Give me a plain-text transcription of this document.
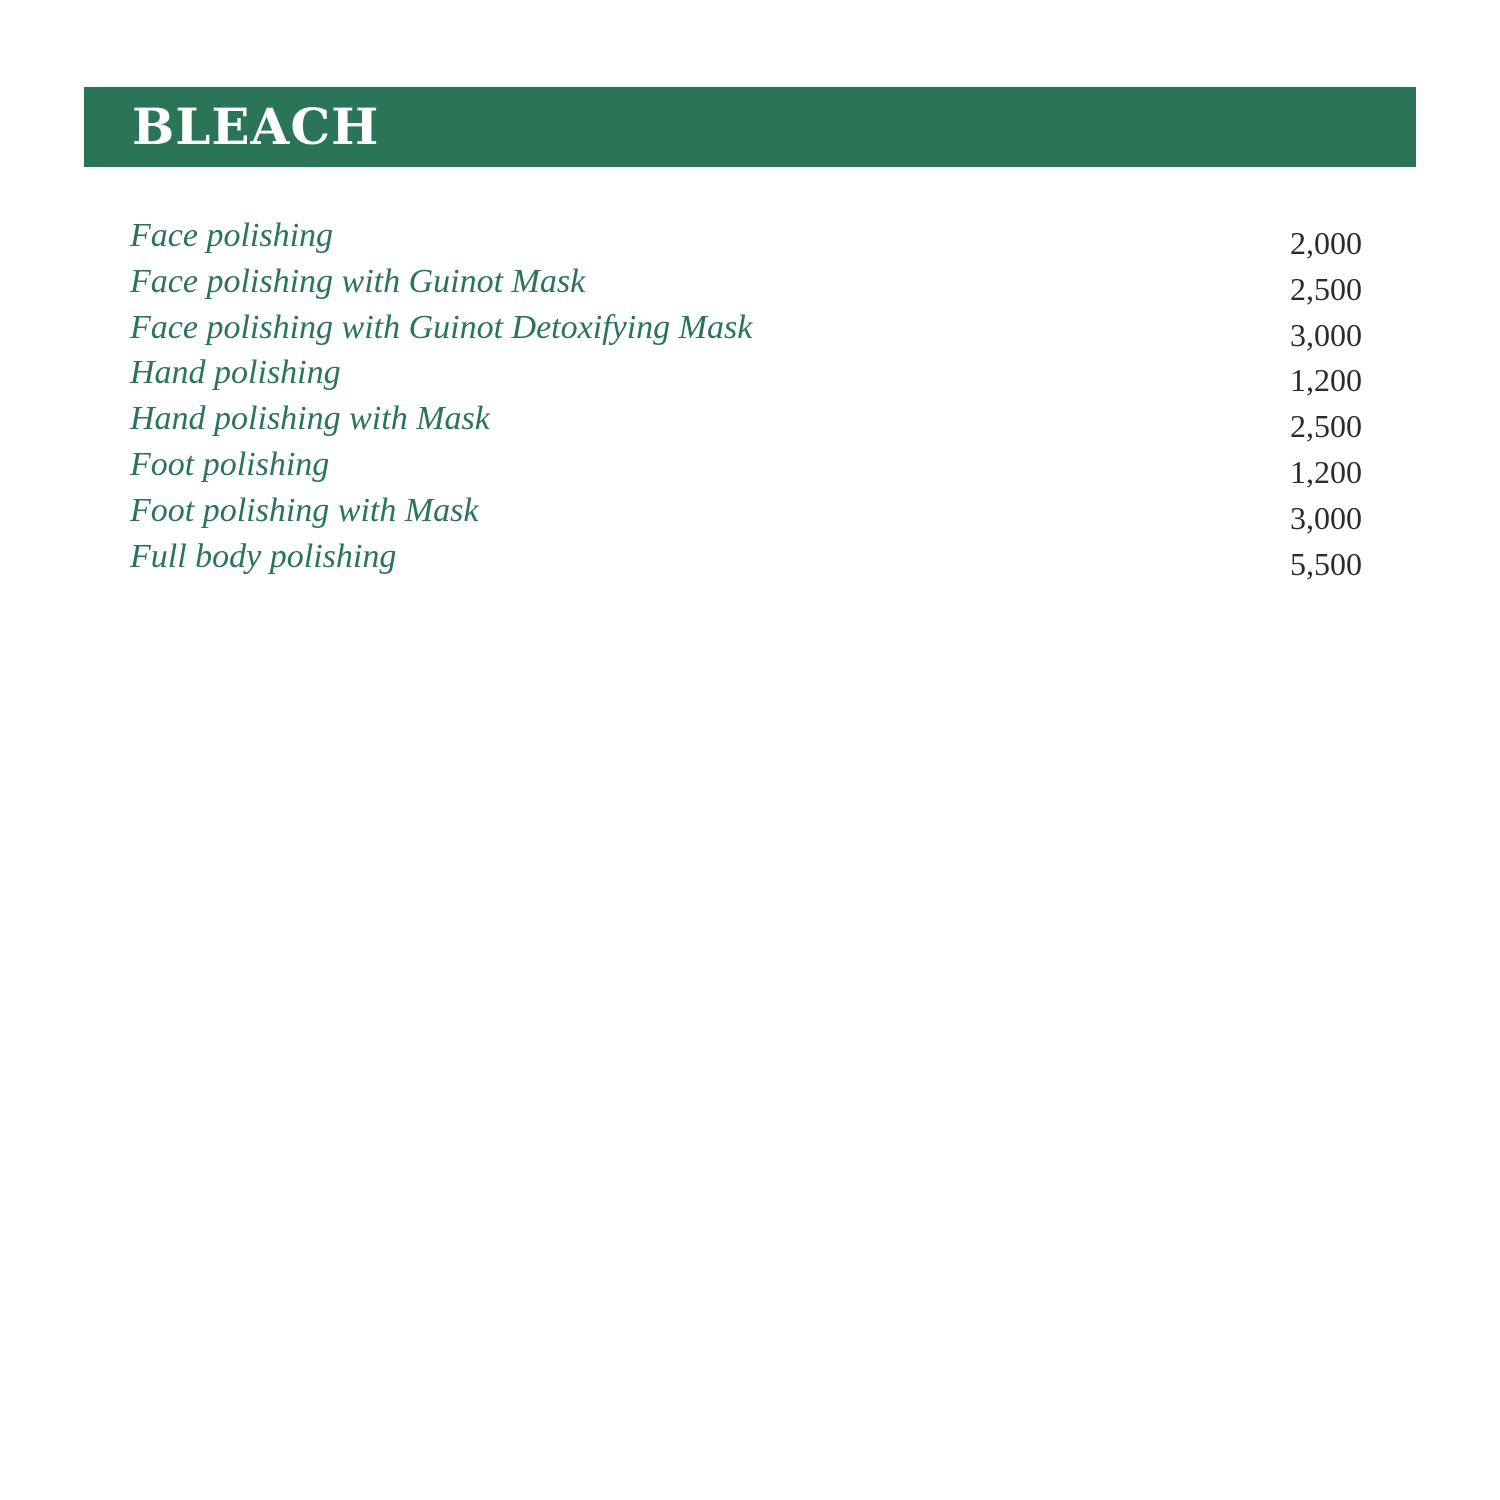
BLEACH
Face polishing	2,000
Face polishing with Guinot Mask	2,500
Face polishing with Guinot Detoxifying Mask	3,000
Hand polishing	1,200
Hand polishing with Mask	2,500
Foot polishing	1,200
Foot polishing with Mask	3,000
Full body polishing	5,500
